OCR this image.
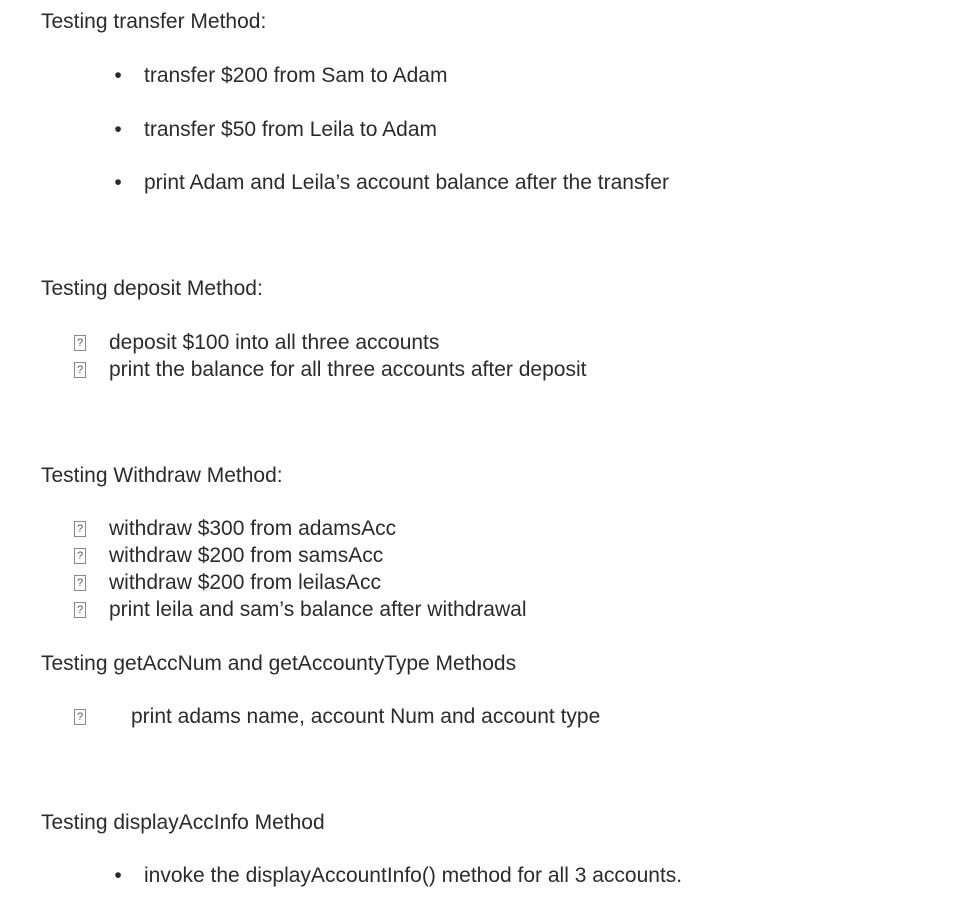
Testing transfer Method:
• transfer $200 from Sam to Adam
• transfer $50 from Leila to Adam
• print Adam and Leila’s account balance after the transfer
Testing deposit Method:
? deposit $100 into all three accounts
? print the balance for all three accounts after deposit
Testing Withdraw Method:
? withdraw $300 from adamsAcc
? withdraw $200 from samsAcc
? withdraw $200 from leilasAcc
? print leila and sam’s balance after withdrawal
Testing getAccNum and getAccountyType Methods
? print adams name, account Num and account type
Testing displayAccInfo Method
• invoke the displayAccountInfo() method for all 3 accounts.
